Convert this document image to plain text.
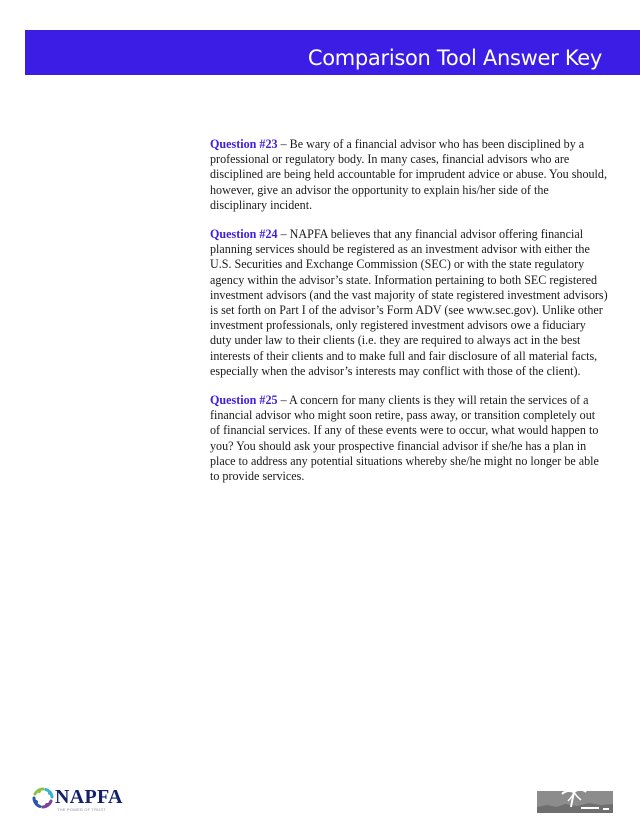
Comparison Tool Answer Key

Question #23 – Be wary of a financial advisor who has been disciplined by a professional or regulatory body. In many cases, financial advisors who are disciplined are being held accountable for imprudent advice or abuse. You should, however, give an advisor the opportunity to explain his/her side of the disciplinary incident.

Question #24 – NAPFA believes that any financial advisor offering financial planning services should be registered as an investment advisor with either the U.S. Securities and Exchange Commission (SEC) or with the state regulatory agency within the advisor’s state. Information pertaining to both SEC registered investment advisors (and the vast majority of state registered investment advisors) is set forth on Part I of the advisor’s Form ADV (see www.sec.gov). Unlike other investment professionals, only registered investment advisors owe a fiduciary duty under law to their clients (i.e. they are required to always act in the best interests of their clients and to make full and fair disclosure of all material facts, especially when the advisor’s interests may conflict with those of the client).

Question #25 – A concern for many clients is they will retain the services of a financial advisor who might soon retire, pass away, or transition completely out of financial services. If any of these events were to occur, what would happen to you? You should ask your prospective financial advisor if she/he has a plan in place to address any potential situations whereby she/he might no longer be able to provide services.

NAPFA
THE POWER OF TRUST
